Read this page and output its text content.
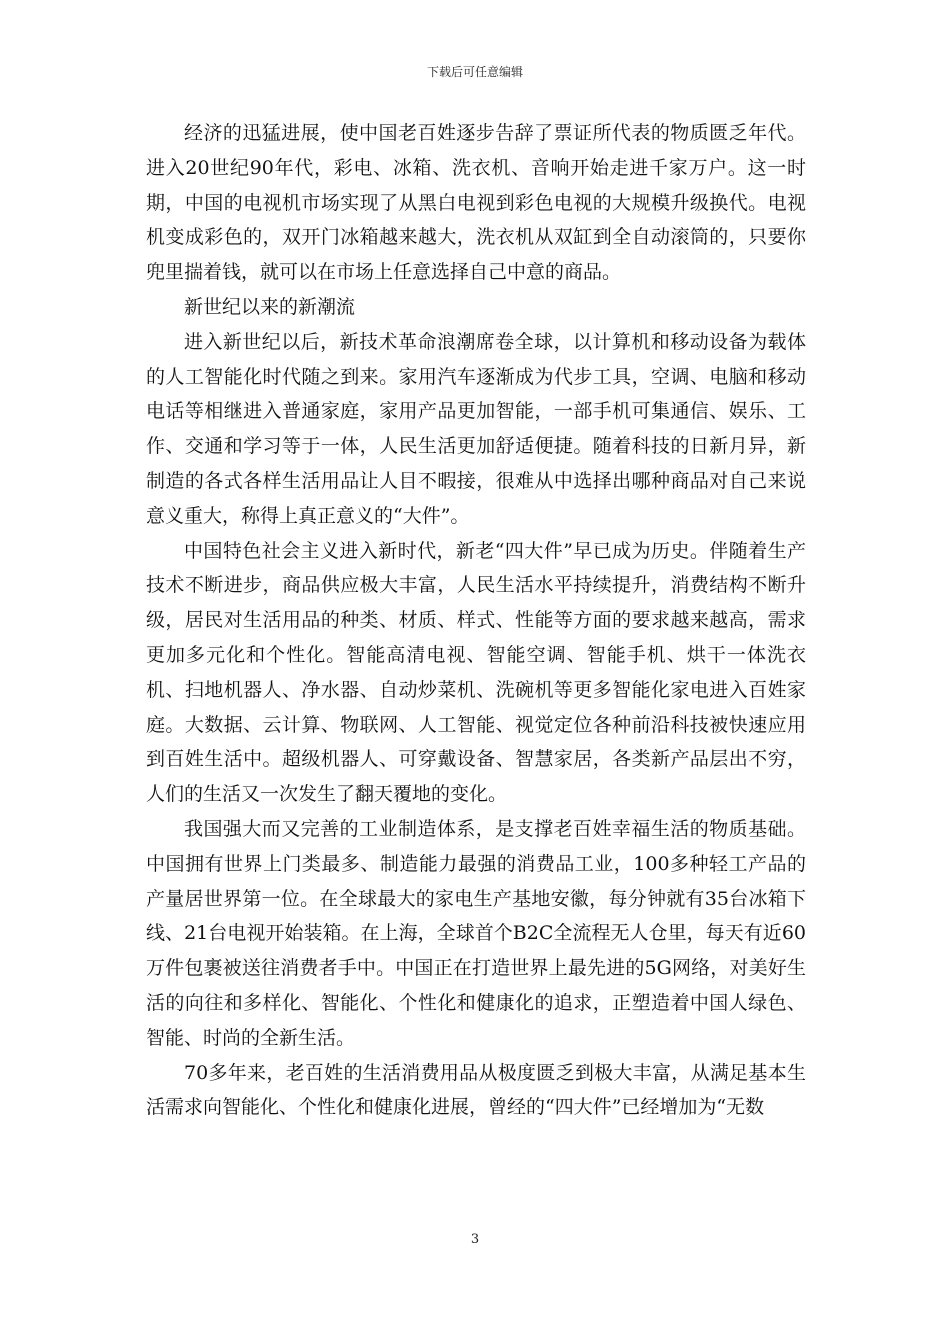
下载后可任意编辑

经济的迅猛进展，使中国老百姓逐步告辞了票证所代表的物质匮乏年代。进入20世纪90年代，彩电、冰箱、洗衣机、音响开始走进千家万户。这一时期，中国的电视机市场实现了从黑白电视到彩色电视的大规模升级换代。电视机变成彩色的，双开门冰箱越来越大，洗衣机从双缸到全自动滚筒的，只要你兜里揣着钱，就可以在市场上任意选择自己中意的商品。

新世纪以来的新潮流

进入新世纪以后，新技术革命浪潮席卷全球，以计算机和移动设备为载体的人工智能化时代随之到来。家用汽车逐渐成为代步工具，空调、电脑和移动电话等相继进入普通家庭，家用产品更加智能，一部手机可集通信、娱乐、工作、交通和学习等于一体，人民生活更加舒适便捷。随着科技的日新月异，新制造的各式各样生活用品让人目不暇接，很难从中选择出哪种商品对自己来说意义重大，称得上真正意义的“大件”。

中国特色社会主义进入新时代，新老“四大件”早已成为历史。伴随着生产技术不断进步，商品供应极大丰富，人民生活水平持续提升，消费结构不断升级，居民对生活用品的种类、材质、样式、性能等方面的要求越来越高，需求更加多元化和个性化。智能高清电视、智能空调、智能手机、烘干一体洗衣机、扫地机器人、净水器、自动炒菜机、洗碗机等更多智能化家电进入百姓家庭。大数据、云计算、物联网、人工智能、视觉定位各种前沿科技被快速应用到百姓生活中。超级机器人、可穿戴设备、智慧家居，各类新产品层出不穷，人们的生活又一次发生了翻天覆地的变化。

我国强大而又完善的工业制造体系，是支撑老百姓幸福生活的物质基础。中国拥有世界上门类最多、制造能力最强的消费品工业，100多种轻工产品的产量居世界第一位。在全球最大的家电生产基地安徽，每分钟就有35台冰箱下线、21台电视开始装箱。在上海，全球首个B2C全流程无人仓里，每天有近60万件包裹被送往消费者手中。中国正在打造世界上最先进的5G网络，对美好生活的向往和多样化、智能化、个性化和健康化的追求，正塑造着中国人绿色、智能、时尚的全新生活。

70多年来，老百姓的生活消费用品从极度匮乏到极大丰富，从满足基本生活需求向智能化、个性化和健康化进展，曾经的“四大件”已经增加为“无数

3
